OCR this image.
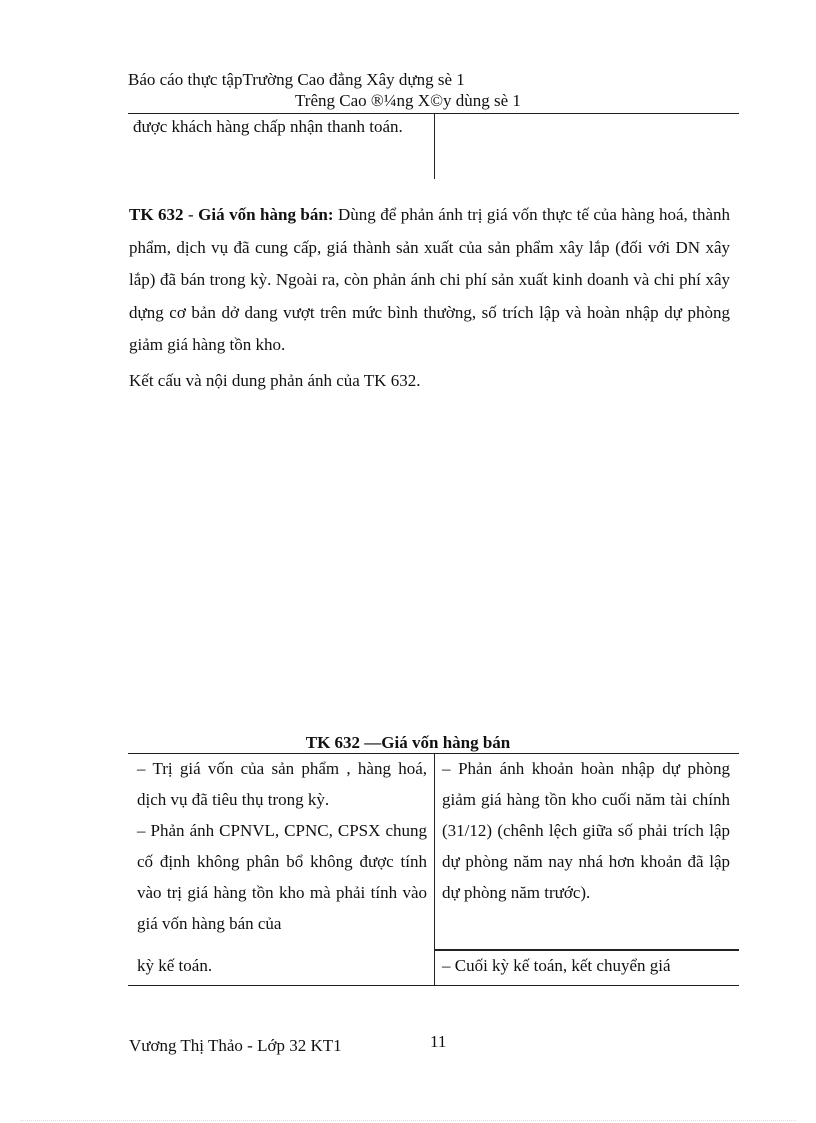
Báo cáo thực tậpTrường Cao đẳng Xây dựng sè 1
Trêng Cao ®¼ng X©y dùng sè 1
được khách hàng chấp nhận thanh toán.
TK 632 - Giá vốn hàng bán: Dùng để phản ánh trị giá vốn thực tế của hàng hoá, thành phẩm, dịch vụ đã cung cấp, giá thành sản xuất của sản phẩm xây lắp (đối với DN xây lắp) đã bán trong kỳ. Ngoài ra, còn phản ánh chi phí sản xuất kinh doanh và chi phí xây dựng cơ bản dở dang vượt trên mức bình thường, số trích lập và hoàn nhập dự phòng giảm giá hàng tồn kho.
Kết cấu và nội dung phản ánh của TK 632.
TK 632 —Giá vốn hàng bán
– Trị giá vốn của sản phẩm , hàng hoá, dịch vụ đã tiêu thụ trong kỳ.
– Phản ánh CPNVL, CPNC, CPSX chung cố định không phân bổ không được tính vào trị giá hàng tồn kho mà phải tính vào giá vốn hàng bán của
– Phản ánh khoản hoàn nhập dự phòng giảm giá hàng tồn kho cuối năm tài chính (31/12) (chênh lệch giữa số phải trích lập dự phòng năm nay nhá hơn khoản đã lập dự phòng năm trước).
kỳ kế toán.	– Cuối kỳ kế toán, kết chuyển giá
Vương Thị Thảo - Lớp 32 KT1	11
